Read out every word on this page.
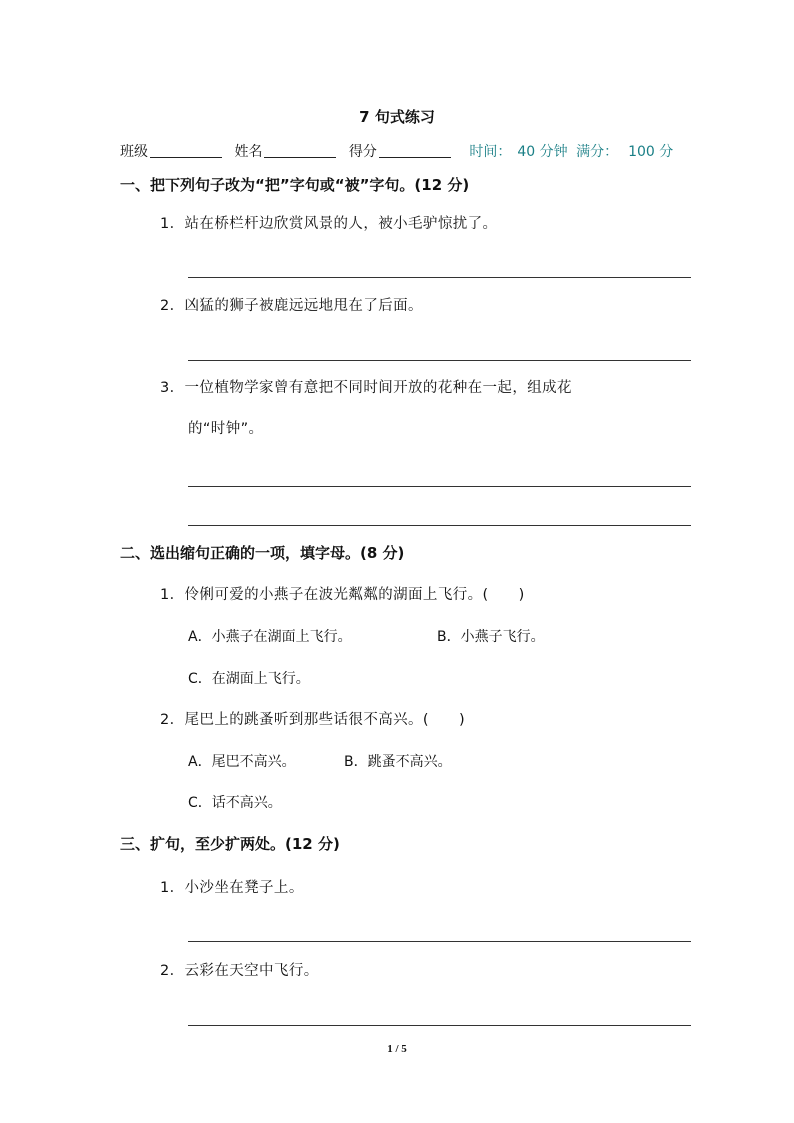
7 句式练习
班级	姓名	得分	时间： 40 分钟 满分： 100 分
一、把下列句子改为“把”字句或“被”字句。(12 分)
1．站在桥栏杆边欣赏风景的人，被小毛驴惊扰了。
2．凶猛的狮子被鹿远远地甩在了后面。
3．一位植物学家曾有意把不同时间开放的花种在一起，组成花
的“时钟”。
二、选出缩句正确的一项，填字母。(8 分)
1．伶俐可爱的小燕子在波光粼粼的湖面上飞行。( )
A．小燕子在湖面上飞行。	B．小燕子飞行。
C．在湖面上飞行。
2．尾巴上的跳蚤听到那些话很不高兴。( )
A．尾巴不高兴。	B．跳蚤不高兴。
C．话不高兴。
三、扩句，至少扩两处。(12 分)
1．小沙坐在凳子上。
2．云彩在天空中飞行。
1 / 5
